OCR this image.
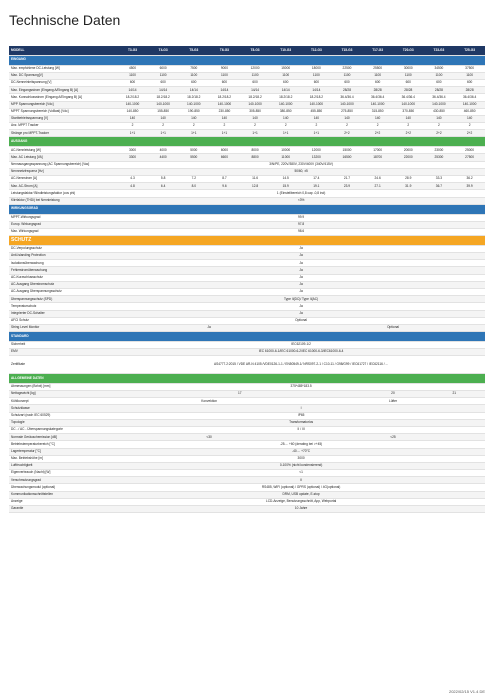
Technische Daten
MODELL	T3-G3	T4-G3	T5-G3	T6-G3	T8-G3	T10-G3	T12-G3	T15-G3	T17-G3	T20-G3	T23-G3	T25-G3
EINGANG												
Max. empfohlene DC-Leistung [W]	4500	6000	7500	9000	12000	15000	18000	22500	25500	30000	34500	37500
Max. DC Spannung[V]	1100	1100	1100	1100	1100	1100	1100	1100	1100	1100	1100	1100
DC-Nenneinleitspannung [V]	600	600	600	600	600	600	600	600	600	600	600	600
Max. Eingangsstrom (Eingang A/Eingang B) [A]	14/14	14/14	14/14	14/14	14/14	14/14	14/14	28/28	28/28	28/28	28/28	28/28
Max. Kurzschlussstrom (Eingang A/Eingang B) [A]	18.2/18.2	18.2/18.2	18.2/18.2	18.2/18.2	18.2/18.2	18.2/18.2	18.2/18.2	36.4/36.4	36.4/36.4	36.4/36.4	36.4/36.4	36.4/36.4
MPP Spannungsbereich [Vdc]	140-1000	140-1000	140-1000	140-1000	140-1000	140-1000	140-1000	140-1000	140-1000	140-1000	140-1000	140-1000
MPPT Spannungsbereich (Volllast) [Vdc]	140-850	155-850	190-850	230-850	305-850	380-850	455-850	275-850	315-850	370-850	430-850	460-850
Startbetriebsspannung [V]	140	140	140	140	140	140	140	140	140	140	140	140
Anz. MPPT Tracker	2	2	2	2	2	2	2	2	2	2	2	2
Stränge pro MPPT-Tracker	1+1	1+1	1+1	1+1	1+1	1+1	1+1	2+2	2+2	2+2	2+2	2+2
AUSGANG												
AC-Nennleistung [W]	3000	4000	5000	6000	8000	10000	12000	15000	17000	20000	23000	25000
Max. AC Leistung [VA]	3300	4400	5500	6600	8800	11000	13200	16500	18700	22000	25300	27500
Nennausgangsspannung (AC Spannungsbereich) [Vac]	3/N/PE, 220V/380V, 230V/400V (340V/415V)											
Nennnetzfrequenz [Hz]	50/60, ±5											
AC-Nennstrom [A]	4.3	5.8	7.2	8.7	11.6	14.5	17.4	21.7	24.6	28.9	33.3	36.2
Max. AC-Strom [A]	4.8	6.4	8.0	9.6	12.8	15.9	19.1	23.9	27.1	31.9	36.7	39.9
Leistungsfaktor/ Blindleistungsfaktor (cos phi)	1 (Einstellbereich 0,8 cap -0,8 ind)											
Klirrfaktor (THDi) bei Nennleistung	<3%											
WIRKUNGSGRAD												
MPPT-Wirkungsgrad	99.9											
Europ. Wirkungsgrad	97.8											
Max. Wirkungsgrad	98.6											
SCHUTZ												
DC-Verpolungsschutz	Ja											
Anti-Islanding Protection	Ja											
Isolationsüberwachung	Ja											
Fehlerstromüberwachung	Ja											
AC-Kurzschlussschutz	Ja											
AC-Ausgang Überstromschutz	Ja											
AC-Ausgang Überspannungsschutz	Ja											
Überspannungsschutz (SPD)	Type II(DC)/ Type II(AC)											
Temperaturschutz	Ja											
Integrierter DC-Schalter	Ja											
AFCI Schutz	Optional											
String Level Monitor	Ja						Optional					
STANDARD												
Sicherheit	IEC62109-1/2											
EMV	IEC 61000-6-1/IEC 61000-6-2/IEC 61000-6-3/IEC61000-6-4											
Zertifikate	AS4777.2:2015 / VDE AR-N 4105 /VDE0126-1-1 / EN50549-1/ NRS097-2-1 / C10-11 / G98/G99 / IEC61727 / IEC62116 / ...											
ALLGEMEINE DATEN												
Abmessungen (Bxhxt) [mm]	375*485*183.5											
Nettogewicht [kg]	17								20		21	
Kühlkonzept	Konvektion						Lüfter					
Schutzklasse	I											
Schutzart (nach IEC 60529)	IP65											
Topologie	Transformatorlos											
DC - / AC - Überspannungskategorie	II / III											
Normale Geräuschemission [dB]	<30						<25					
Betriebstemperaturbereich [°C]	-25.... +60 (derating bei >+45)											
Lagertemperatur [°C]	-40.... +70°C											
Max. Betriebshöhe [m]	3000											
Luftfeuchtigkeit	0-100% (nicht kondensierend)											
Eigenverbrauch (Nacht) [W]	<1											
Verschmutzungsgrad	II											
Überwachungsmodul (optional)	RS485, WIFI (optional) / GPRS (optional) / 4G(optional)											
Kommunikationsschnittstellen	DRM, USB update, E-stop											
Anzeige	LCD-Anzeige, Benutzungsschnitt, App, Webportal											
Garantie	10 Jahre											
2022/02/15 V1.4 DE
